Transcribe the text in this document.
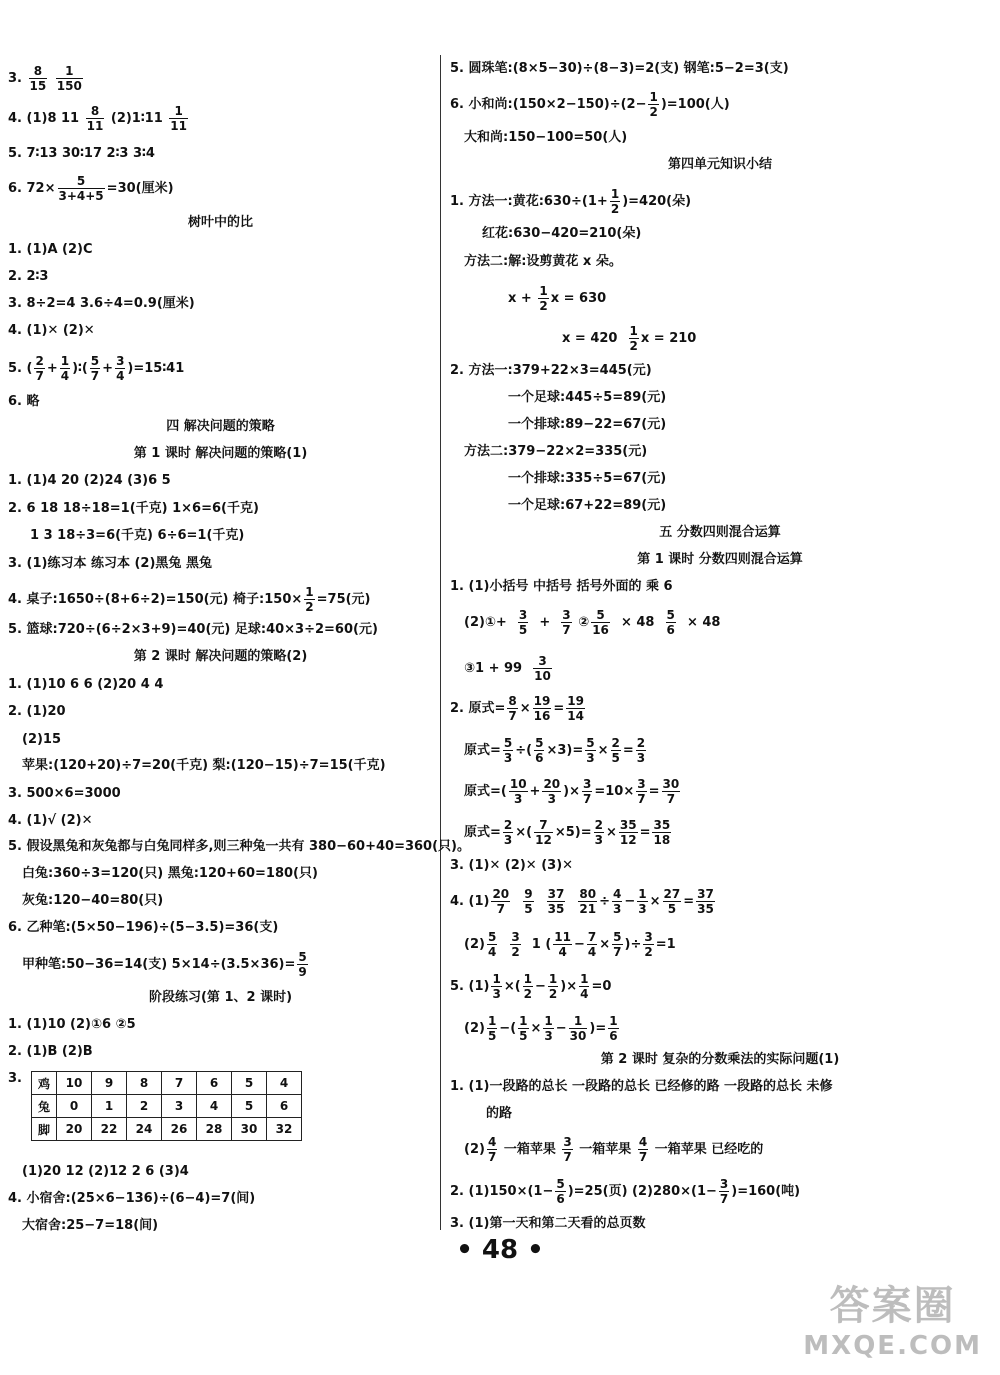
3. $\frac{8}{15}$
$\frac{1}{150}$
4. (1)8 $11 \frac{8}{11}$ (2)1∶11 $\frac{1}{11}$
5. 7∶13 30∶17 2∶3 3∶4
6. $72\times \frac{5}{3+4+5} =30$(厘米)
树叶中的比
1. (1)A (2)C
2. 2∶3
3. 8÷2=4 3.6÷4=0.9(厘米)
4. (1)✕ (2)✕
5. ( $\frac{2}{7} + \frac{1}{4}$ )∶( $\frac{5}{7} + \frac{3}{4}$ )=15∶41
6. 略
四 解决问题的策略
第 1 课时 解决问题的策略(1)
1. (1)4 20 (2)24 (3)6 5
2. 6 18 18÷18=1(千克) 1×6=6(千克)
1 3 18÷3=6(千克) 6÷6=1(千克)
3. (1)练习本 练习本 (2)黑兔 黑兔
4. 桌子:1650÷(8+6÷2)=150(元) 椅子:150× $\frac{1}{2} =75$(元)
5. 篮球:720÷(6÷2×3+9)=40(元) 足球:40×3÷2=60(元)
第 2 课时 解决问题的策略(2)
1. (1)10 6 6 (2)20 4 4
2. (1)20
(2)15
苹果:(120+20)÷7=20(千克) 梨:(120−15)÷7=15(千克)
3. 500×6=3000
4. (1)√ (2)✕
5. 假设黑兔和灰兔都与白兔同样多,则三种兔一共有 380−60+40=360(只)。
白兔:360÷3=120(只) 黑兔:120+60=180(只)
灰兔:120−40=80(只)
6. 乙种笔:(5×50−196)÷(5−3.5)=36(支)
甲种笔:50−36=14(支) $5\times 14\div(3.5\times 36)= \frac{5}{9}$
阶段练习(第 1、2 课时)
1. (1)10 (2)①6 ②5
2. (1)B (2)B
3. 鸡	10	9	8	7	6	5	4
兔	0	1	2	3	4	5	6
脚	20	22	24	26	28	30	32
(1)20 12 (2)12 2 6 (3)4
4. 小宿舍:(25×6−136)÷(6−4)=7(间)
大宿舍:25−7=18(间)
5. 圆珠笔:(8×5−30)÷(8−3)=2(支) 钢笔:5−2=3(支)
6. 小和尚:(150×2−150)÷(2− $\frac{1}{2} )=100$(人)
大和尚:150−100=50(人)
第四单元知识小结
1. 方法一:黄花:630÷(1+ $\frac{1}{2} )=420$(朵)
红花:630−420=210(朵)
方法二:解:设剪黄花 x 朵。
$x + \frac{1}{2}$ x = 630
$x = 420 \frac{1}{2}$ x = 210
2. 方法一:379+22×3=445(元)
一个足球:445÷5=89(元)
一个排球:89−22=67(元)
方法二:379−22×2=335(元)
一个排球:335÷5=67(元)
一个足球:67+22=89(元)
五 分数四则混合运算
第 1 课时 分数四则混合运算
1. (1)小括号 中括号 括号外面的 乘 6
(2)①+ $\frac{3}{5} + \frac{3}{7}$ ② $\frac{5}{16} \times 48 \frac{5}{6} \times 48$
③1 + $99 \frac{3}{10}$
2. 原式= $\frac{8}{7} \times \frac{19}{16} = \frac{19}{14}$
原式= $\frac{5}{3}$ ÷( $\frac{5}{6} \times 3)= \frac{5}{3} \times \frac{2}{5} = \frac{2}{3}$
原式=( $\frac{10}{3} + \frac{20}{3}$ )× $\frac{3}{7} =10\times \frac{3}{7} = \frac{30}{7}$
原式= $\frac{2}{3}$ ×( $\frac{7}{12} \times 5)= \frac{2}{3} \times \frac{35}{12} = \frac{35}{18}$
3. (1)✕ (2)✕ (3)✕
4. $(1) \frac{20}{7}$
$\frac{9}{5}$
$\frac{37}{35}$
$\frac{80}{21} \div \frac{4}{3} - \frac{1}{3} \times \frac{27}{5} = \frac{37}{35}$
$(2) \frac{5}{4}$
$\frac{3}{2} 1$ ( $\frac{11}{4} - \frac{7}{4} \times \frac{5}{7}$ )÷ $\frac{3}{2} =1$
5. $(1) \frac{1}{3}$ ×( $\frac{1}{2} - \frac{1}{2}$ )× $\frac{1}{4} =0$
$(2) \frac{1}{5}$ −( $\frac{1}{5} \times \frac{1}{3} - \frac{1}{30}$ )= $\frac{1}{6}$
第 2 课时 复杂的分数乘法的实际问题(1)
1. (1)一段路的总长 一段路的总长 已经修的路 一段路的总长 未修
的路
$(2) \frac{4}{7}$ 一箱苹果 $\frac{3}{7}$ 一箱苹果 $\frac{4}{7}$ 一箱苹果 已经吃的
2. $(1)150\times(1- \frac{5}{6} )=25$(页) $(2)280\times(1- \frac{3}{7} )=160$(吨)
3. (1)第一天和第二天看的总页数
• 48 •
答案圈
MXQE.COM
